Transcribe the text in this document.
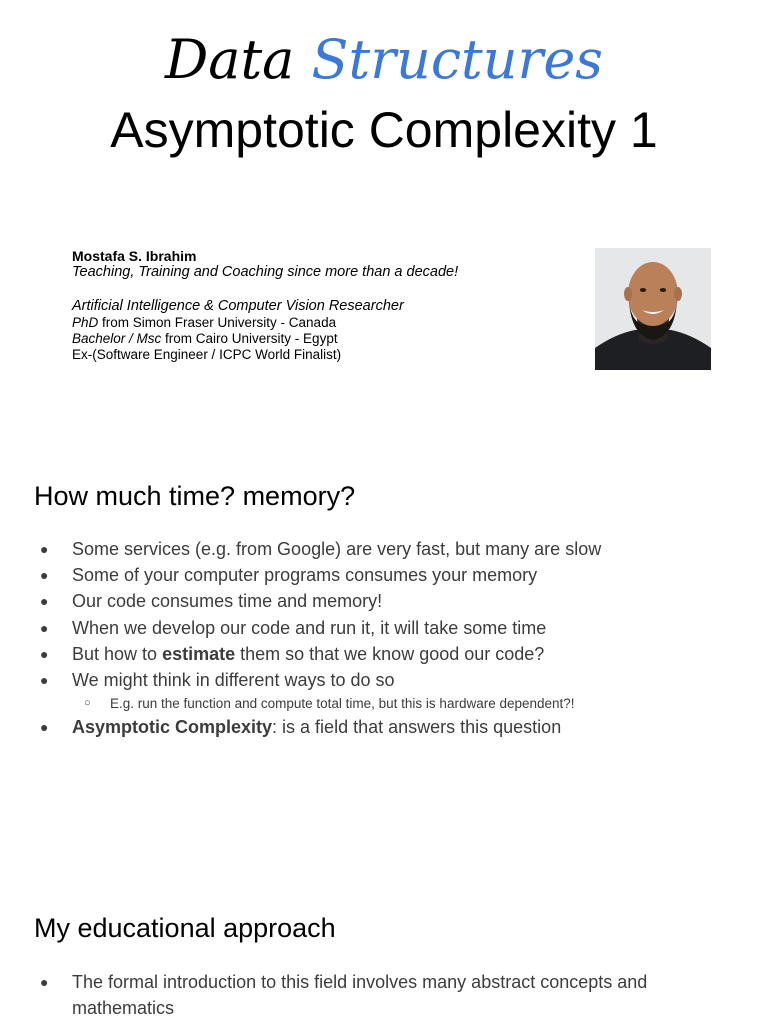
Data Structures
Asymptotic Complexity 1
Mostafa S. Ibrahim
Teaching, Training and Coaching since more than a decade!
Artificial Intelligence & Computer Vision Researcher
PhD from Simon Fraser University - Canada
Bachelor / Msc from Cairo University - Egypt
Ex-(Software Engineer / ICPC World Finalist)
How much time? memory?
● Some services (e.g. from Google) are very fast, but many are slow
● Some of your computer programs consumes your memory
● Our code consumes time and memory!
● When we develop our code and run it, it will take some time
● But how to estimate them so that we know good our code?
● We might think in different ways to do so
○ E.g. run the function and compute total time, but this is hardware dependent?!
● Asymptotic Complexity: is a field that answers this question
My educational approach
● The formal introduction to this field involves many abstract concepts and mathematics
